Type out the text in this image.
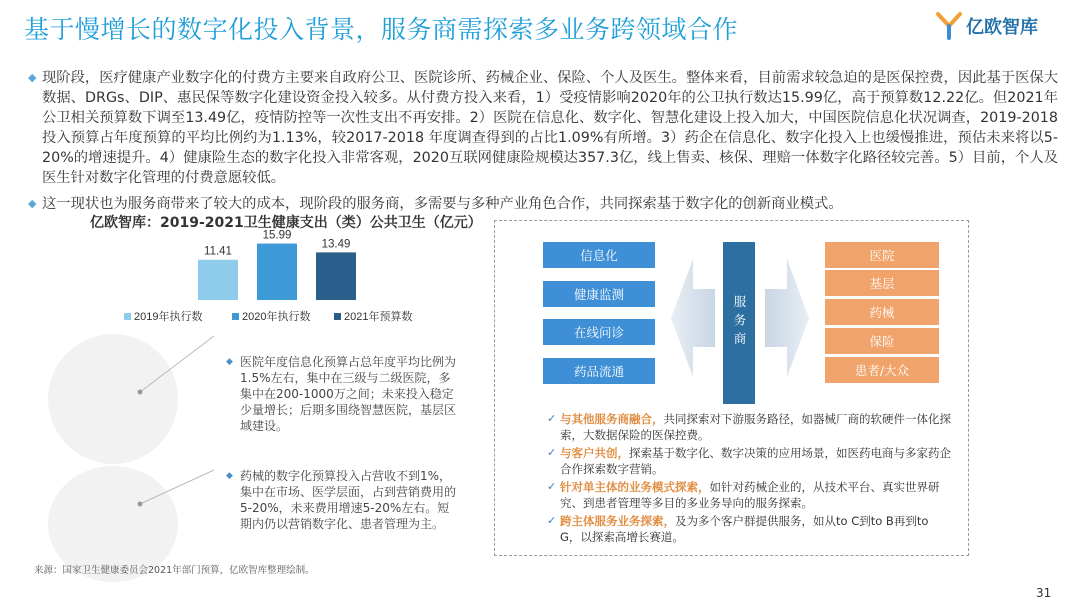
基于慢增长的数字化投入背景，服务商需探索多业务跨领域合作	亿欧智库
◆ 现阶段，医疗健康产业数字化的付费方主要来自政府公卫、医院诊所、药械企业、保险、个人及医生。整体来看，目前需求较急迫的是医保控费，因此基于医保大数据、DRGs、DIP、惠民保等数字化建设资金投入较多。从付费方投入来看，1）受疫情影响2020年的公卫执行数达15.99亿，高于预算数12.22亿。但2021年公卫相关预算数下调至13.49亿，疫情防控等一次性支出不再安排。2）医院在信息化、数字化、智慧化建设上投入加大，中国医院信息化状况调查，2019-2018投入预算占年度预算的平均比例约为1.13%，较2017-2018 年度调查得到的占比1.09%有所增。3）药企在信息化、数字化投入上也缓慢推进，预估未来将以5-20%的增速提升。4）健康险生态的数字化投入非常客观，2020互联网健康险规模达357.3亿，线上售卖、核保、理赔一体数字化路径较完善。5）目前，个人及医生针对数字化管理的付费意愿较低。
◆ 这一现状也为服务商带来了较大的成本，现阶段的服务商，多需要与多种产业角色合作，共同探索基于数字化的创新商业模式。
亿欧智库：2019-2021卫生健康支出（类）公共卫生（亿元）
11.41
15.99
13.49
2019年执行数	2020年执行数	2021年预算数
◆ 医院年度信息化预算占总年度平均比例为1.5%左右，集中在三级与二级医院，多集中在200-1000万之间；未来投入稳定少量增长；后期多围绕智慧医院，基层区域建设。
◆ 药械的数字化预算投入占营收不到1%，集中在市场、医学层面，占到营销费用的5-20%，未来费用增速5-20%左右。短期内仍以营销数字化、患者管理为主。
来源：国家卫生健康委员会2021年部门预算，亿欧智库整理绘制。
31
信息化
健康监测
在线问诊
药品流通
服务商
医院
基层
药械
保险
患者/大众
✓ 与其他服务商融合，共同探索对下游服务路径，如器械厂商的软硬件一体化探索，大数据保险的医保控费。
✓ 与客户共创，探索基于数字化、数字决策的应用场景，如医药电商与多家药企合作探索数字营销。
✓ 针对单主体的业务模式探索，如针对药械企业的，从技术平台、真实世界研究、到患者管理等多目的多业务导向的服务探索。
✓ 跨主体服务业务探索，及为多个客户群提供服务，如从to C到to B再到to G，以探索高增长赛道。
